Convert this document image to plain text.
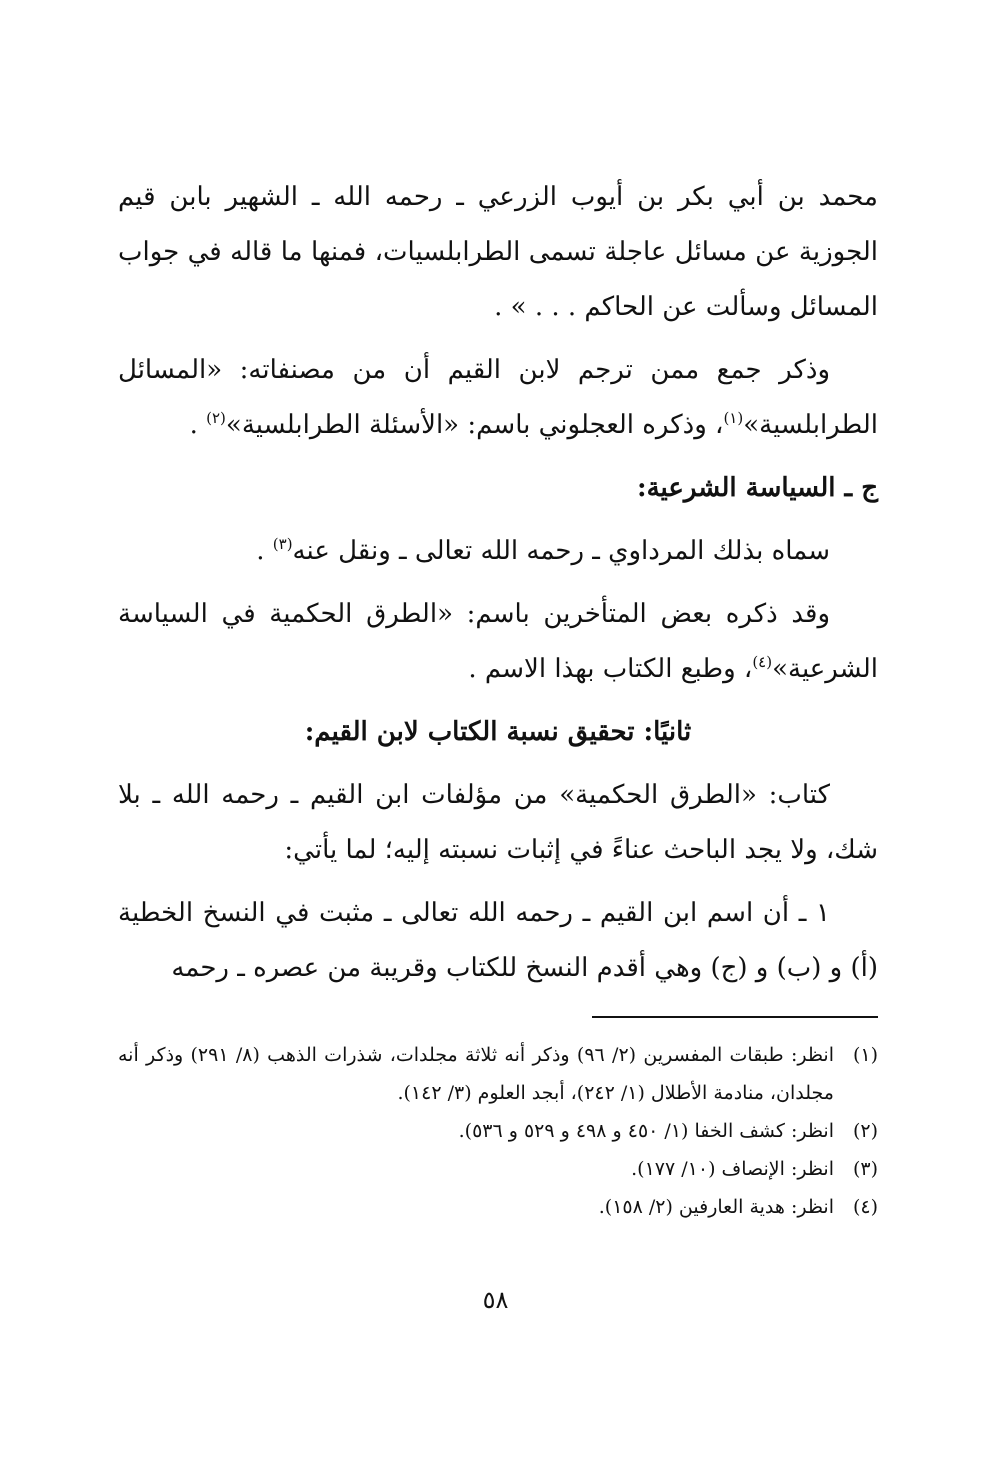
محمد بن أبي بكر بن أيوب الزرعي ـ رحمه الله ـ الشهير بابن قيم الجوزية عن مسائل عاجلة تسمى الطرابلسيات، فمنها ما قاله في جواب المسائل وسألت عن الحاكم . . . » .

وذكر جمع ممن ترجم لابن القيم أن من مصنفاته: «المسائل الطرابلسية»$^{(١)}$، وذكره العجلوني باسم: «الأسئلة الطرابلسية»$^{(٢)}$ .

ج ـ السياسة الشرعية:

سماه بذلك المرداوي ـ رحمه الله تعالى ـ ونقل عنه$^{(٣)}$ .

وقد ذكره بعض المتأخرين باسم: «الطرق الحكمية في السياسة الشرعية»$^{(٤)}$، وطبع الكتاب بهذا الاسم .

ثانيًا: تحقيق نسبة الكتاب لابن القيم:

كتاب: «الطرق الحكمية» من مؤلفات ابن القيم ـ رحمه الله ـ بلا شك، ولا يجد الباحث عناءً في إثبات نسبته إليه؛ لما يأتي:

١ ـ أن اسم ابن القيم ـ رحمه الله تعالى ـ مثبت في النسخ الخطية (أ) و (ب) و (ج) وهي أقدم النسخ للكتاب وقريبة من عصره ـ رحمه

(١)
انظر: طبقات المفسرين (٢/ ٩٦) وذكر أنه ثلاثة مجلدات، شذرات الذهب (٨/ ٢٩١) وذكر أنه مجلدان، منادمة الأطلال (١/ ٢٤٢)، أبجد العلوم (٣/ ١٤٢).
(٢)
انظر: كشف الخفا (١/ ٤٥٠ و ٤٩٨ و ٥٢٩ و ٥٣٦).
(٣)
انظر: الإنصاف (١٠/ ١٧٧).
(٤)
انظر: هدية العارفين (٢/ ١٥٨).
٥٨
